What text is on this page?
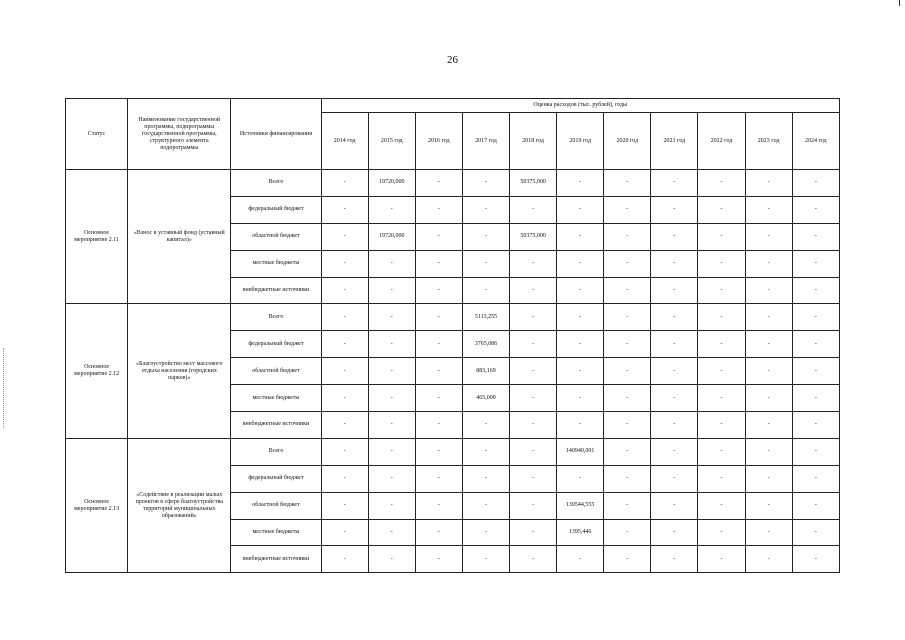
26
Статус	Наименование государственной программы, подпрограммы государственной программы, структурного элемента подпрограммы	Источники финансирования	Оценка расходов (тыс. рублей), годы										
			2014 год	2015 год	2016 год	2017 год	2018 год	2019 год	2020 год	2021 год	2022 год	2023 год	2024 год
Основное мероприятие 2.11	«Взнос в уставный фонд (уставный капитал)»	Всего	-	19720,000	-	-	50375,000	-	-	-	-	-	-
		федеральный бюджет	-	-	-	-	-	-	-	-	-	-	-
		областной бюджет	-	19720,000	-	-	50375,000	-	-	-	-	-	-
		местные бюджеты	-	-	-	-	-	-	-	-	-	-	-
		внебюджетные источники	-	-	-	-	-	-	-	-	-	-	-
Основное мероприятие 2.12	«Благоустройство мест массового отдыха населения (городских парков)»	Всего	-	-	-	5113,255	-	-	-	-	-	-	-
		федеральный бюджет	-	-	-	3765,086	-	-	-	-	-	-	-
		областной бюджет	-	-	-	883,169	-	-	-	-	-	-	-
		местные бюджеты	-	-	-	465,000	-	-	-	-	-	-	-
		внебюджетные источники	-	-	-	-	-	-	-	-	-	-	-
Основное мероприятие 2.13	«Содействие в реализации малых проектов в сфере благоустройства территорий муниципальных образований»	Всего	-	-	-	-	-	140940,001	-	-	-	-	-
		федеральный бюджет	-	-	-	-	-	-	-	-	-	-	-
		областной бюджет	-	-	-	-	-	139544,555	-	-	-	-	-
		местные бюджеты	-	-	-	-	-	1395,446	-	-	-	-	-
		внебюджетные источники	-	-	-	-	-	-	-	-	-	-	-
